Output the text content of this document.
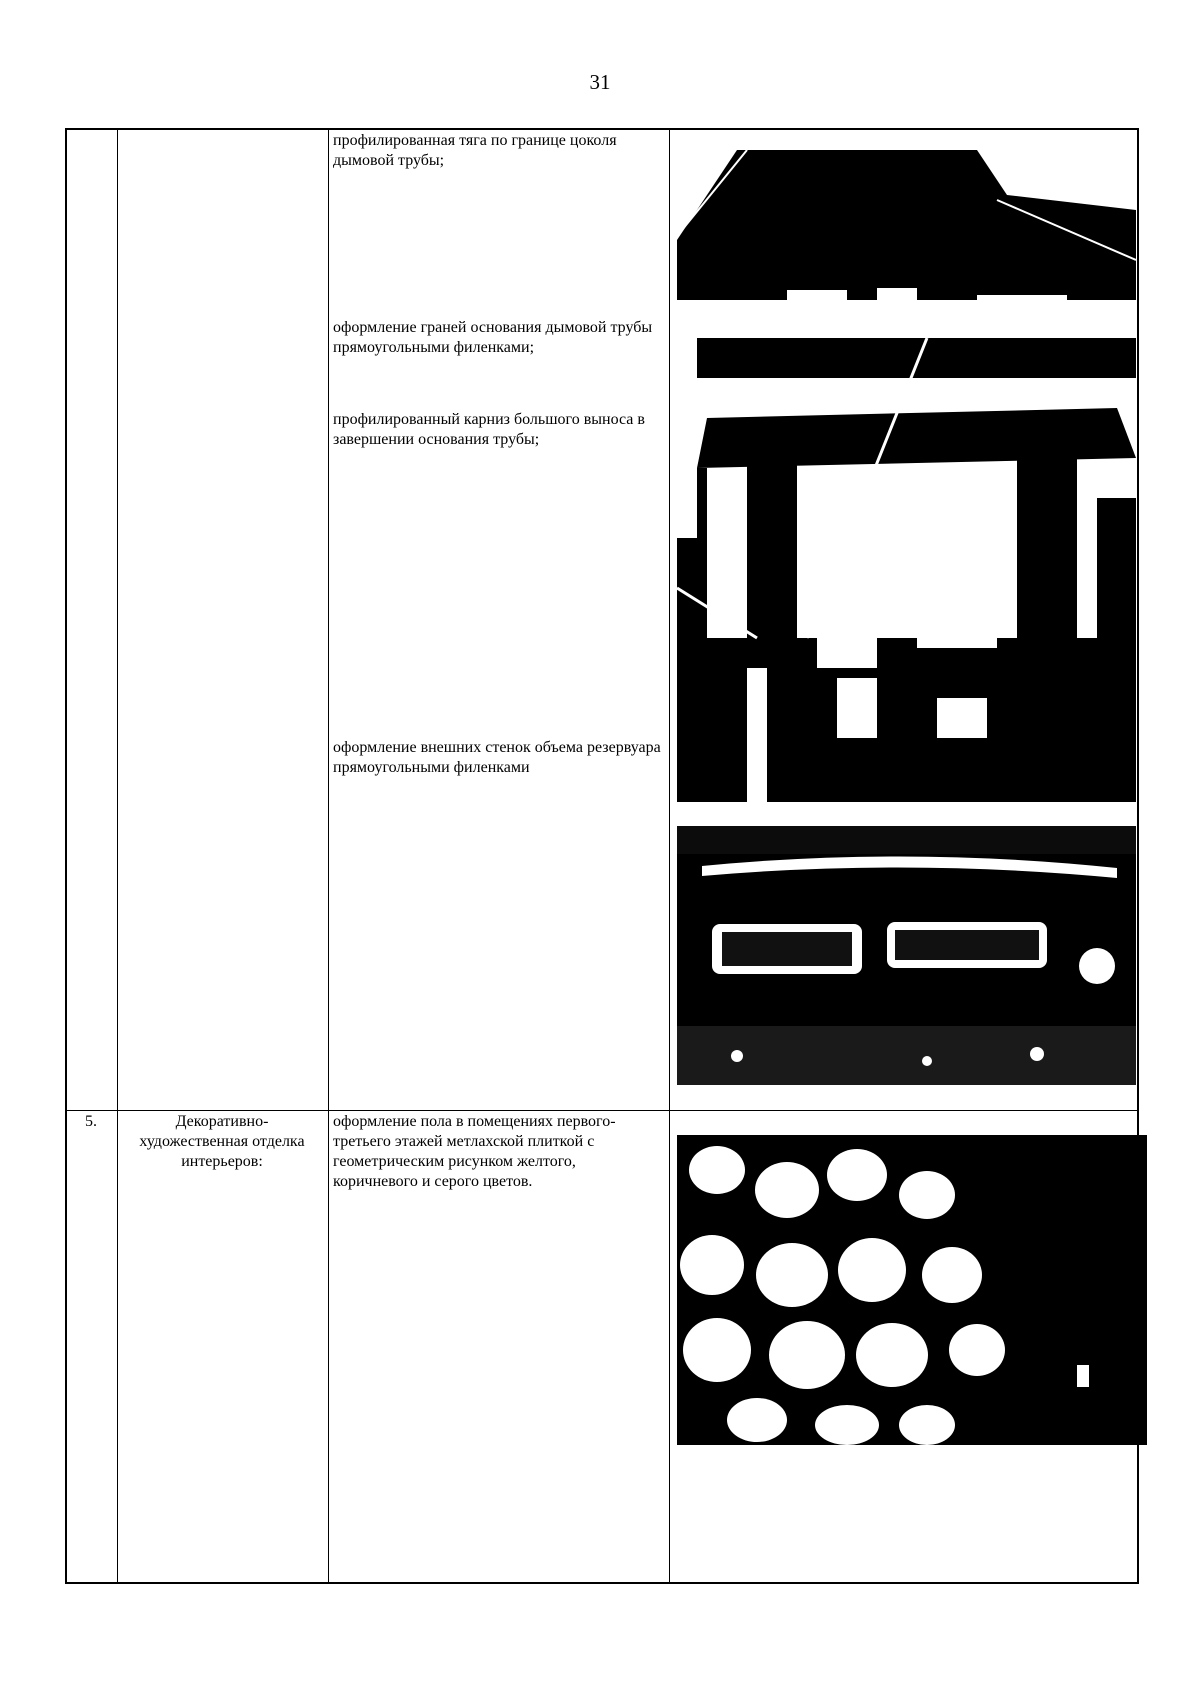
31
профилированная тяга по границе цоколя дымовой трубы;
оформление граней основания дымовой трубы прямоугольными филенками;
профилированный карниз большого выноса в завершении основания трубы;
оформление внешних стенок объема резервуара прямоугольными филенками
5.	Декоративно-художественная отделка интерьеров:
оформление пола в помещениях первого- третьего этажей метлахской плиткой с геометрическим рисунком желтого, коричневого и серого цветов.
